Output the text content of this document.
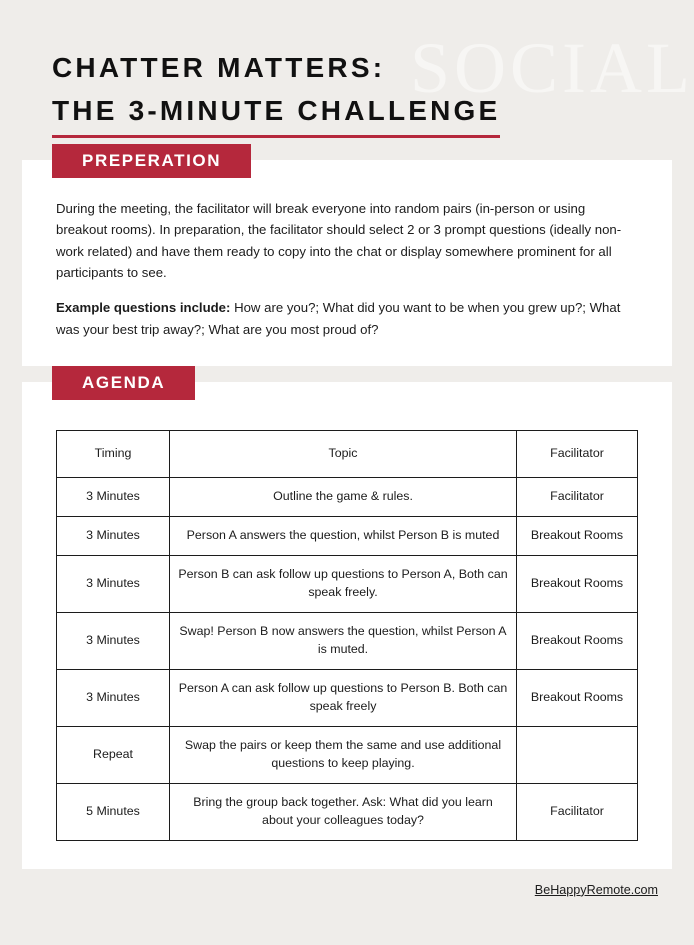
SOCIAL
CHATTER MATTERS:
THE 3-MINUTE CHALLENGE
PREPERATION

During the meeting, the facilitator will break everyone into random pairs (in-person or using breakout rooms). In preparation, the facilitator should select 2 or 3 prompt questions (ideally non-work related) and have them ready to copy into the chat or display somewhere prominent for all participants to see.

Example questions include: How are you?; What did you want to be when you grew up?; What was your best trip away?; What are you most proud of?

AGENDA
Timing	Topic	Facilitator
3 Minutes	Outline the game & rules.	Facilitator
3 Minutes	Person A answers the question, whilst Person B is muted	Breakout Rooms
3 Minutes	Person B can ask follow up questions to Person A, Both can speak freely.	Breakout Rooms
3 Minutes	Swap! Person B now answers the question, whilst Person A is muted.	Breakout Rooms
3 Minutes	Person A can ask follow up questions to Person B. Both can speak freely	Breakout Rooms
Repeat	Swap the pairs or keep them the same and use additional questions to keep playing.	
5 Minutes	Bring the group back together. Ask: What did you learn about your colleagues today?	Facilitator
BeHappyRemote.com
